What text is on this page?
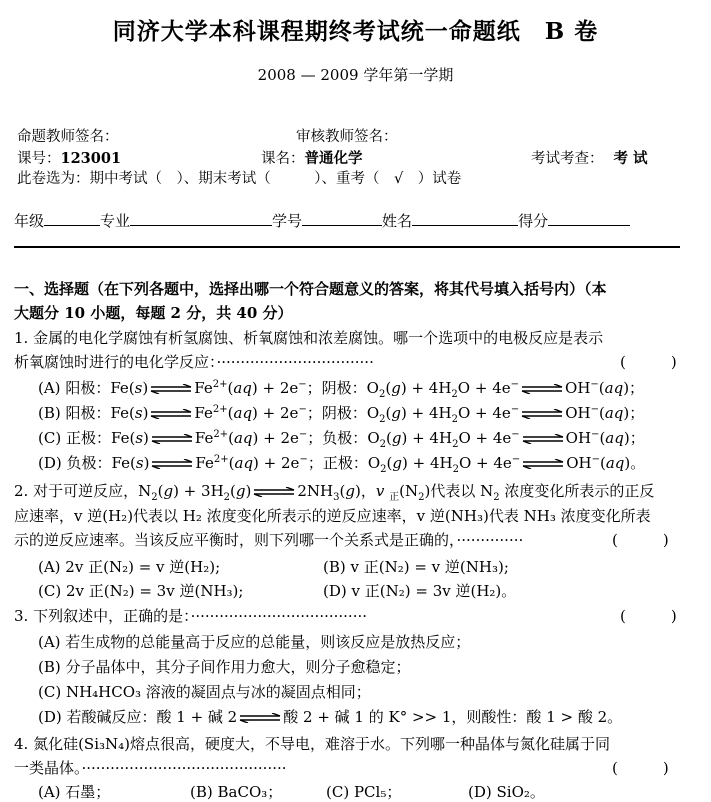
同济大学本科课程期终考试统一命题纸　B 卷
2008 — 2009 学年第一学期
命题教师签名：	审核教师签名：
课号：123001	课名：普通化学	考试考查： 考 试
此卷选为：期中考试（　）、期末考试（　　　）、重考（　√　）试卷
年级	专业	学号	姓名	得分
一、选择题（在下列各题中，选择出哪一个符合题意义的答案，将其代号填入括号内）（本
大题分 10 小题，每题 2 分，共 40 分）
1. 金属的电化学腐蚀有析氢腐蚀、析氧腐蚀和浓差腐蚀。哪一个选项中的电极反应是表示
析氧腐蚀时进行的电化学反应：·································	(　　　)
(A) 阳极：Fe(s) ⇌ $Fe^{2+}(aq) + 2e^-$；阴极：$O_2(g) + 4H_2O + 4e^-$ ⇌ OH−(aq)；
(B) 阳极：Fe(s) ⇌ $Fe^{2+}(aq) + 2e^-$；阴极：$O_2(g) + 4H_2O + 4e^-$ ⇌ OH−(aq)；
(C) 正极：Fe(s) ⇌ $Fe^{2+}(aq) + 2e^-$；负极：$O_2(g) + 4H_2O + 4e^-$ ⇌ OH−(aq)；
(D) 负极：Fe(s) ⇌ $Fe^{2+}(aq) + 2e^-$；正极：$O_2(g) + 4H_2O + 4e^-$ ⇌ OH−(aq)。
2. 对于可逆反应，$N_2(g) + 3H_2(g)$ ⇌ $2NH_3(g)$，v $_正(N_2)$代表以 $N_2$ 浓度变化所表示的正反
应速率，v 逆(H₂)代表以 H₂ 浓度变化所表示的逆反应速率，v 逆(NH₃)代表 NH₃ 浓度变化所表
示的逆反应速率。当该反应平衡时，则下列哪一个关系式是正确的，··············	(　　　)
(A) 2v 正(N₂) = v 逆(H₂);	(B) v 正(N₂) = v 逆(NH₃);
(C) 2v 正(N₂) = 3v 逆(NH₃);	(D) v 正(N₂) = 3v 逆(H₂)。
3. 下列叙述中，正确的是：·····································	(　　　)
(A) 若生成物的总能量高于反应的总能量，则该反应是放热反应；
(B) 分子晶体中，其分子间作用力愈大，则分子愈稳定；
(C) NH₄HCO₃ 溶液的凝固点与冰的凝固点相同；
(D) 若酸碱反应：酸 1 + 碱 2 ⇌ 酸 2 + 碱 1 的 K° >> 1，则酸性：酸 1 > 酸 2。
4. 氮化硅(Si₃N₄)熔点很高，硬度大，不导电，难溶于水。下列哪一种晶体与氮化硅属于同
一类晶体。···········································	(　　　)
(A) 石墨；	(B) BaCO₃；	(C) PCl₅；	(D) SiO₂。
